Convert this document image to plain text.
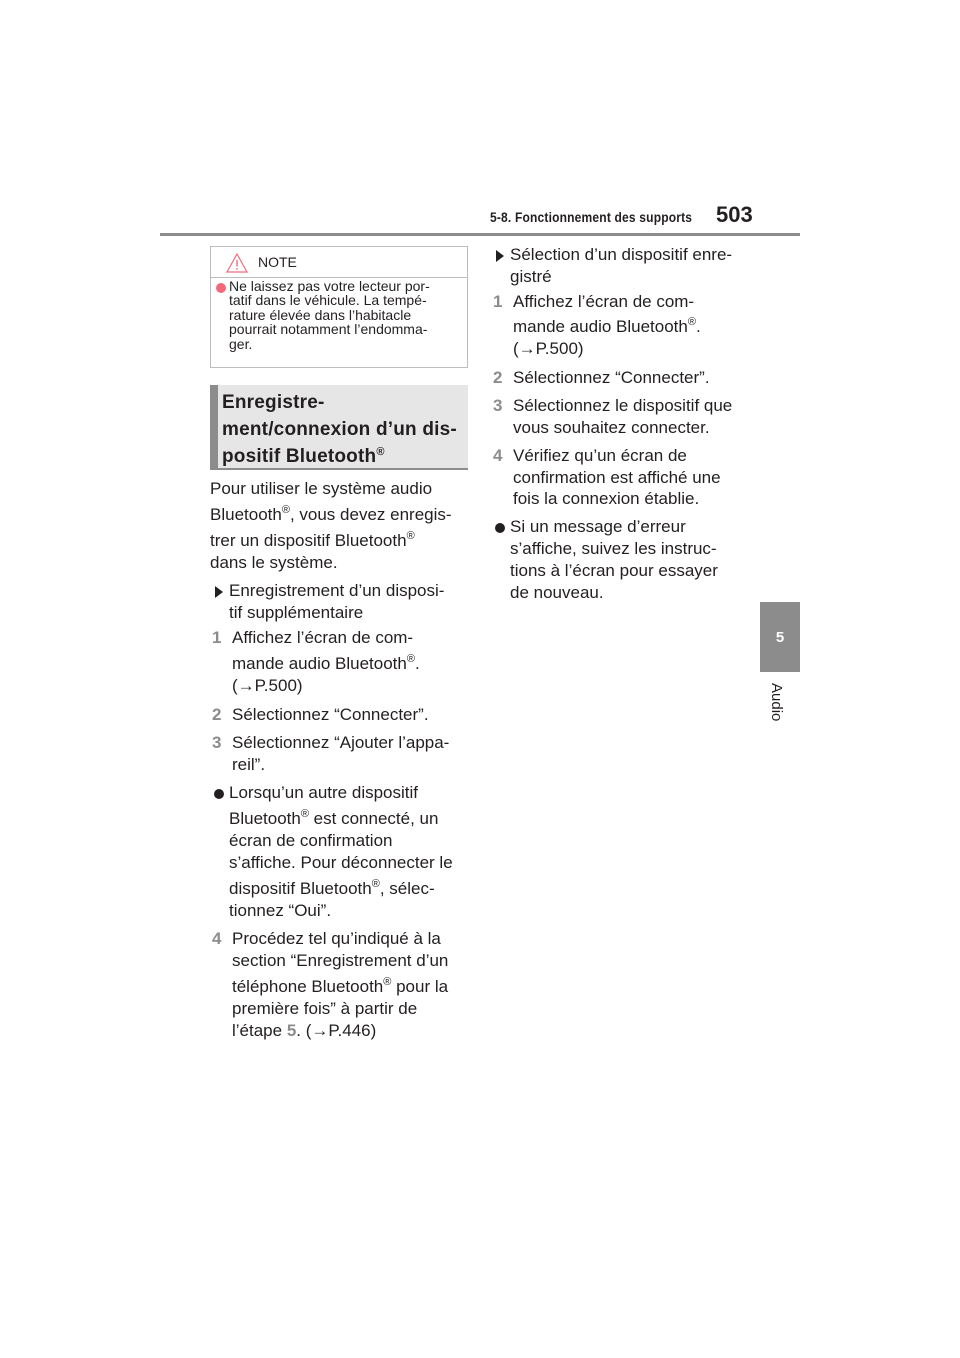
5-8. Fonctionnement des supports 503
5
Audio
NOTE
Ne laissez pas votre lecteur por-
tatif dans le véhicule. La tempé-
rature élevée dans l’habitacle
pourrait notamment l’endomma-
ger.
Enregistre-
ment/connexion d’un dis-
positif Bluetooth®
Pour utiliser le système audio
Bluetooth®, vous devez enregis-
trer un dispositif Bluetooth®
dans le système.
Enregistrement d’un disposi-
tif supplémentaire
1 Affichez l’écran de com-
mande audio Bluetooth®.
(→P.500)
2 Sélectionnez “Connecter”.
3 Sélectionnez “Ajouter l’appa-
reil”.
Lorsqu’un autre dispositif
Bluetooth® est connecté, un
écran de confirmation
s’affiche. Pour déconnecter le
dispositif Bluetooth®, sélec-
tionnez “Oui”.
4 Procédez tel qu’indiqué à la
section “Enregistrement d’un
téléphone Bluetooth® pour la
première fois” à partir de
l’étape 5. (→P.446)
Sélection d’un dispositif enre-
gistré
1 Affichez l’écran de com-
mande audio Bluetooth®.
(→P.500)
2 Sélectionnez “Connecter”.
3 Sélectionnez le dispositif que
vous souhaitez connecter.
4 Vérifiez qu’un écran de
confirmation est affiché une
fois la connexion établie.
Si un message d’erreur
s’affiche, suivez les instruc-
tions à l’écran pour essayer
de nouveau.
